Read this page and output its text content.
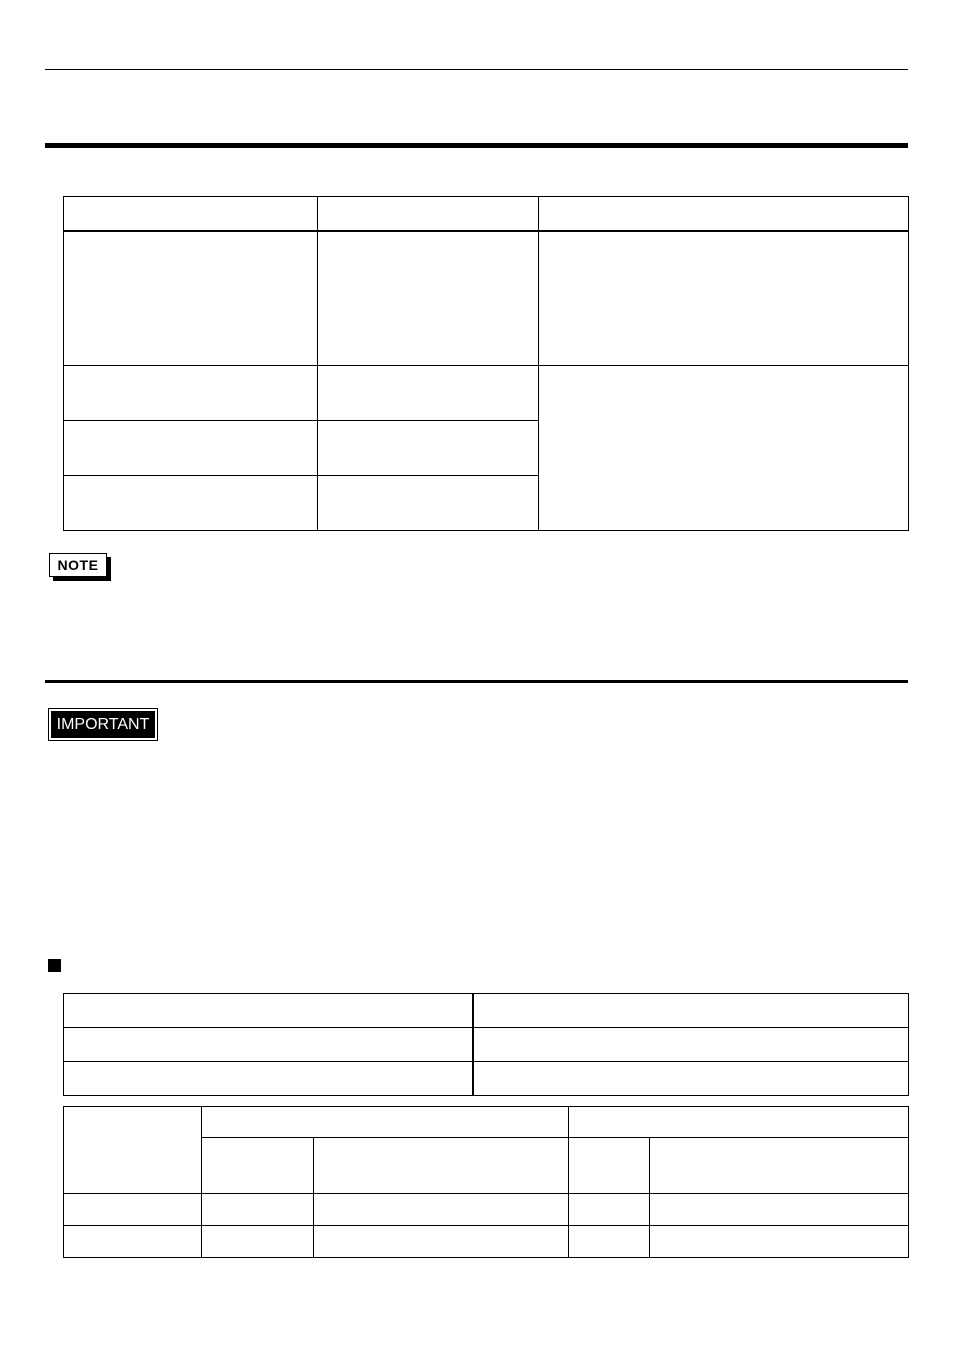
NOTE
IMPORTANT
